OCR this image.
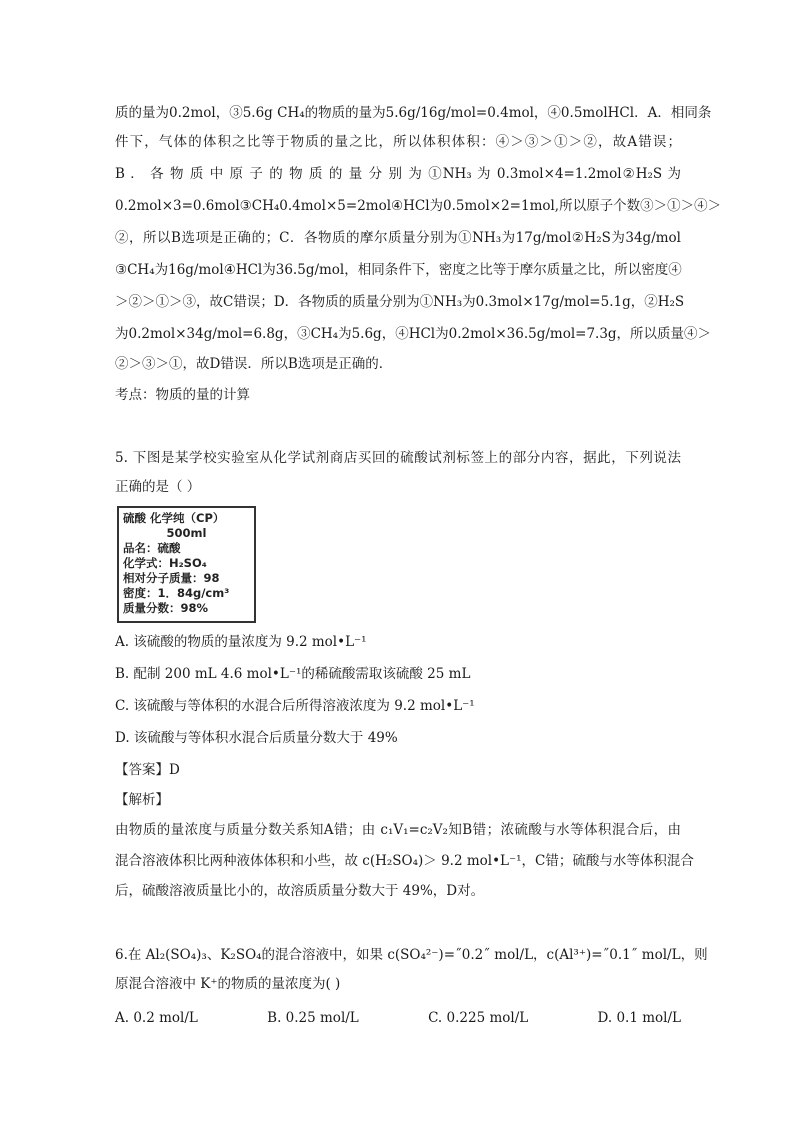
质的量为0.2mol，③5.6g CH₄的物质的量为5.6g/16g/mol=0.4mol，④0.5molHCl．A．相同条
件下，气体的体积之比等于物质的量之比，所以体积体积：④＞③＞①＞②，故A错误；
B ． 各 物 质 中 原 子 的 物 质 的 量 分 别 为 ①NH₃ 为 0.3mol×4=1.2mol②H₂S 为
0.2mol×3=0.6mol③CH₄0.4mol×5=2mol④HCl为0.5mol×2=1mol,所以原子个数③＞①＞④＞
②，所以B选项是正确的；C．各物质的摩尔质量分别为①NH₃为17g/mol②H₂S为34g/mol
③CH₄为16g/mol④HCl为36.5g/mol，相同条件下，密度之比等于摩尔质量之比，所以密度④
＞②＞①＞③，故C错误；D．各物质的质量分别为①NH₃为0.3mol×17g/mol=5.1g，②H₂S
为0.2mol×34g/mol=6.8g，③CH₄为5.6g，④HCl为0.2mol×36.5g/mol=7.3g，所以质量④＞
②＞③＞①，故D错误．所以B选项是正确的．
考点：物质的量的计算
5. 下图是某学校实验室从化学试剂商店买回的硫酸试剂标签上的部分内容，据此，下列说法
正确的是（ ）
硫酸 化学纯（CP）
500ml
品名：硫酸
化学式：H₂SO₄
相对分子质量：98
密度：1．84g/cm³
质量分数：98%
A. 该硫酸的物质的量浓度为 9.2 mol•L⁻¹
B. 配制 200 mL 4.6 mol•L⁻¹的稀硫酸需取该硫酸 25 mL
C. 该硫酸与等体积的水混合后所得溶液浓度为 9.2 mol•L⁻¹
D. 该硫酸与等体积水混合后质量分数大于 49%
【答案】D
【解析】
由物质的量浓度与质量分数关系知A错；由 c₁V₁=c₂V₂知B错；浓硫酸与水等体积混合后，由
混合溶液体积比两种液体体积和小些，故 c(H₂SO₄)＞ 9.2 mol•L⁻¹，C错；硫酸与水等体积混合
后，硫酸溶液质量比小的，故溶质质量分数大于 49%，D对。
6.在 Al₂(SO₄)₃、K₂SO₄的混合溶液中，如果 c(SO₄²⁻)=˝0.2˝ mol/L，c(Al³⁺)=˝0.1˝ mol/L，则
原混合溶液中 K⁺的物质的量浓度为( )
A. 0.2 mol/L	B. 0.25 mol/L	C. 0.225 mol/L	D. 0.1 mol/L
